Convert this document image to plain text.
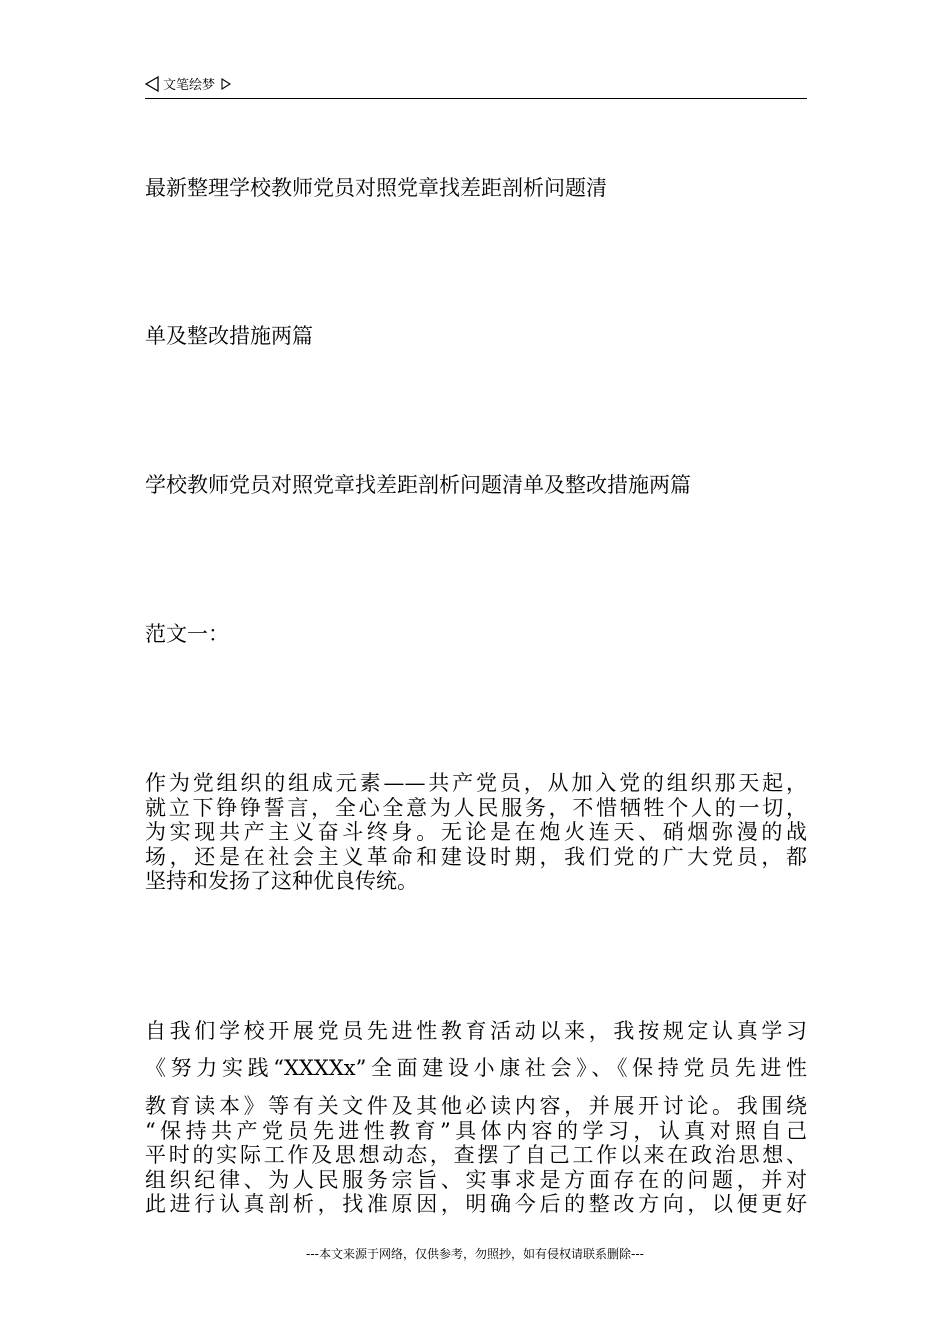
文笔绘梦
最新整理学校教师党员对照党章找差距剖析问题清
单及整改措施两篇
学校教师党员对照党章找差距剖析问题清单及整改措施两篇
范文一：
作为党组织的组成元素——共产党员，从加入党的组织那天起，
就立下铮铮誓言，全心全意为人民服务，不惜牺牲个人的一切，
为实现共产主义奋斗终身。无论是在炮火连天、硝烟弥漫的战
场，还是在社会主义革命和建设时期，我们党的广大党员，都
坚持和发扬了这种优良传统。
自我们学校开展党员先进性教育活动以来，我按规定认真学习
《努力实践“XXXXx”全面建设小康社会》、《保持党员先进性
教育读本》等有关文件及其他必读内容，并展开讨论。我围绕
“保持共产党员先进性教育”具体内容的学习，认真对照自己
平时的实际工作及思想动态，查摆了自己工作以来在政治思想、
组织纪律、为人民服务宗旨、实事求是方面存在的问题，并对
此进行认真剖析，找准原因，明确今后的整改方向，以便更好
---本文来源于网络，仅供参考，勿照抄，如有侵权请联系删除---
